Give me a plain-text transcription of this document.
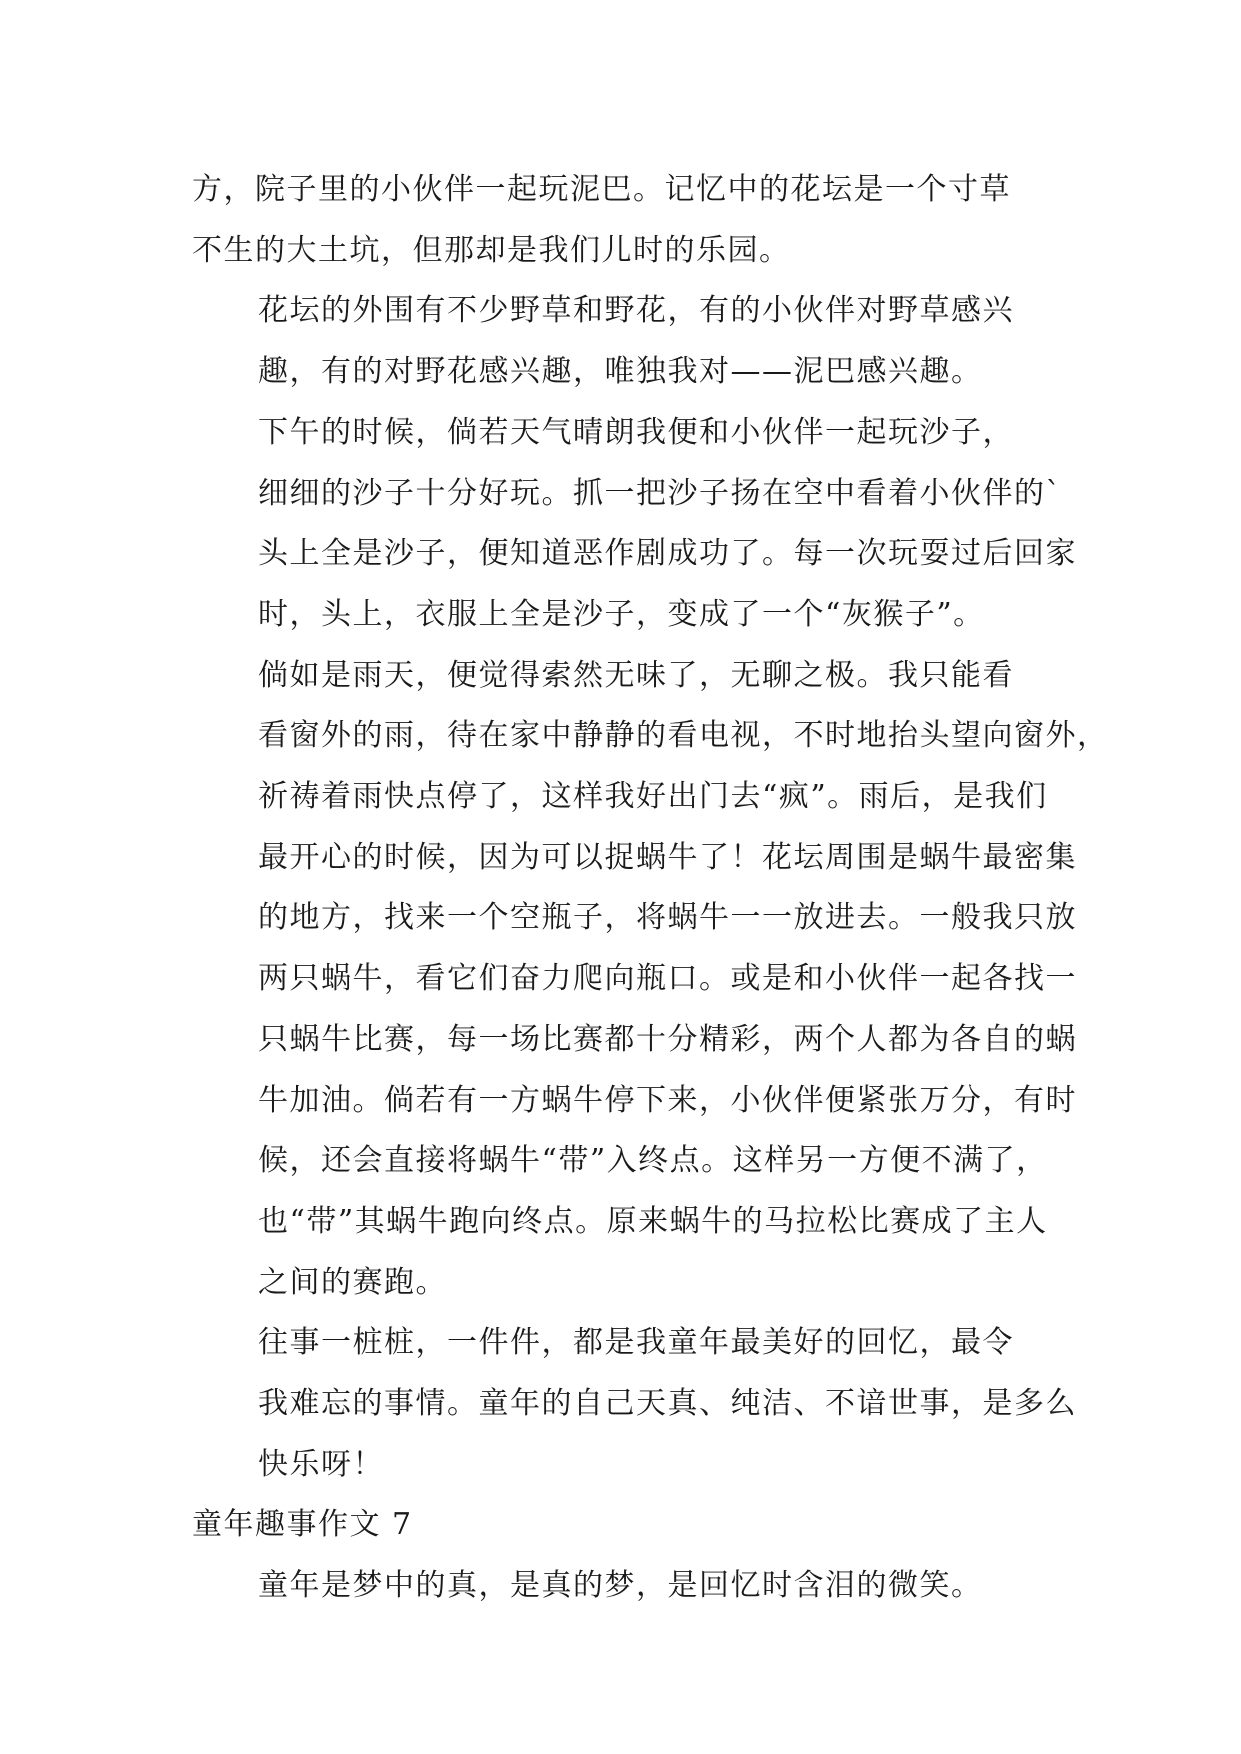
方，院子里的小伙伴一起玩泥巴。记忆中的花坛是一个寸草
不生的大土坑，但那却是我们儿时的乐园。

花坛的外围有不少野草和野花，有的小伙伴对野草感兴
趣，有的对野花感兴趣，唯独我对——泥巴感兴趣。

下午的时候，倘若天气晴朗我便和小伙伴一起玩沙子，
细细的沙子十分好玩。抓一把沙子扬在空中看着小伙伴的`
头上全是沙子，便知道恶作剧成功了。每一次玩耍过后回家
时，头上，衣服上全是沙子，变成了一个“灰猴子”。

倘如是雨天，便觉得索然无味了，无聊之极。我只能看
看窗外的雨，待在家中静静的看电视，不时地抬头望向窗外，
祈祷着雨快点停了，这样我好出门去“疯”。雨后，是我们
最开心的时候，因为可以捉蜗牛了！花坛周围是蜗牛最密集
的地方，找来一个空瓶子，将蜗牛一一放进去。一般我只放
两只蜗牛，看它们奋力爬向瓶口。或是和小伙伴一起各找一
只蜗牛比赛，每一场比赛都十分精彩，两个人都为各自的蜗
牛加油。倘若有一方蜗牛停下来，小伙伴便紧张万分，有时
候，还会直接将蜗牛“带”入终点。这样另一方便不满了，
也“带”其蜗牛跑向终点。原来蜗牛的马拉松比赛成了主人
之间的赛跑。

往事一桩桩，一件件，都是我童年最美好的回忆，最令
我难忘的事情。童年的自己天真、纯洁、不谙世事，是多么
快乐呀！

童年趣事作文 7

童年是梦中的真，是真的梦，是回忆时含泪的微笑。
